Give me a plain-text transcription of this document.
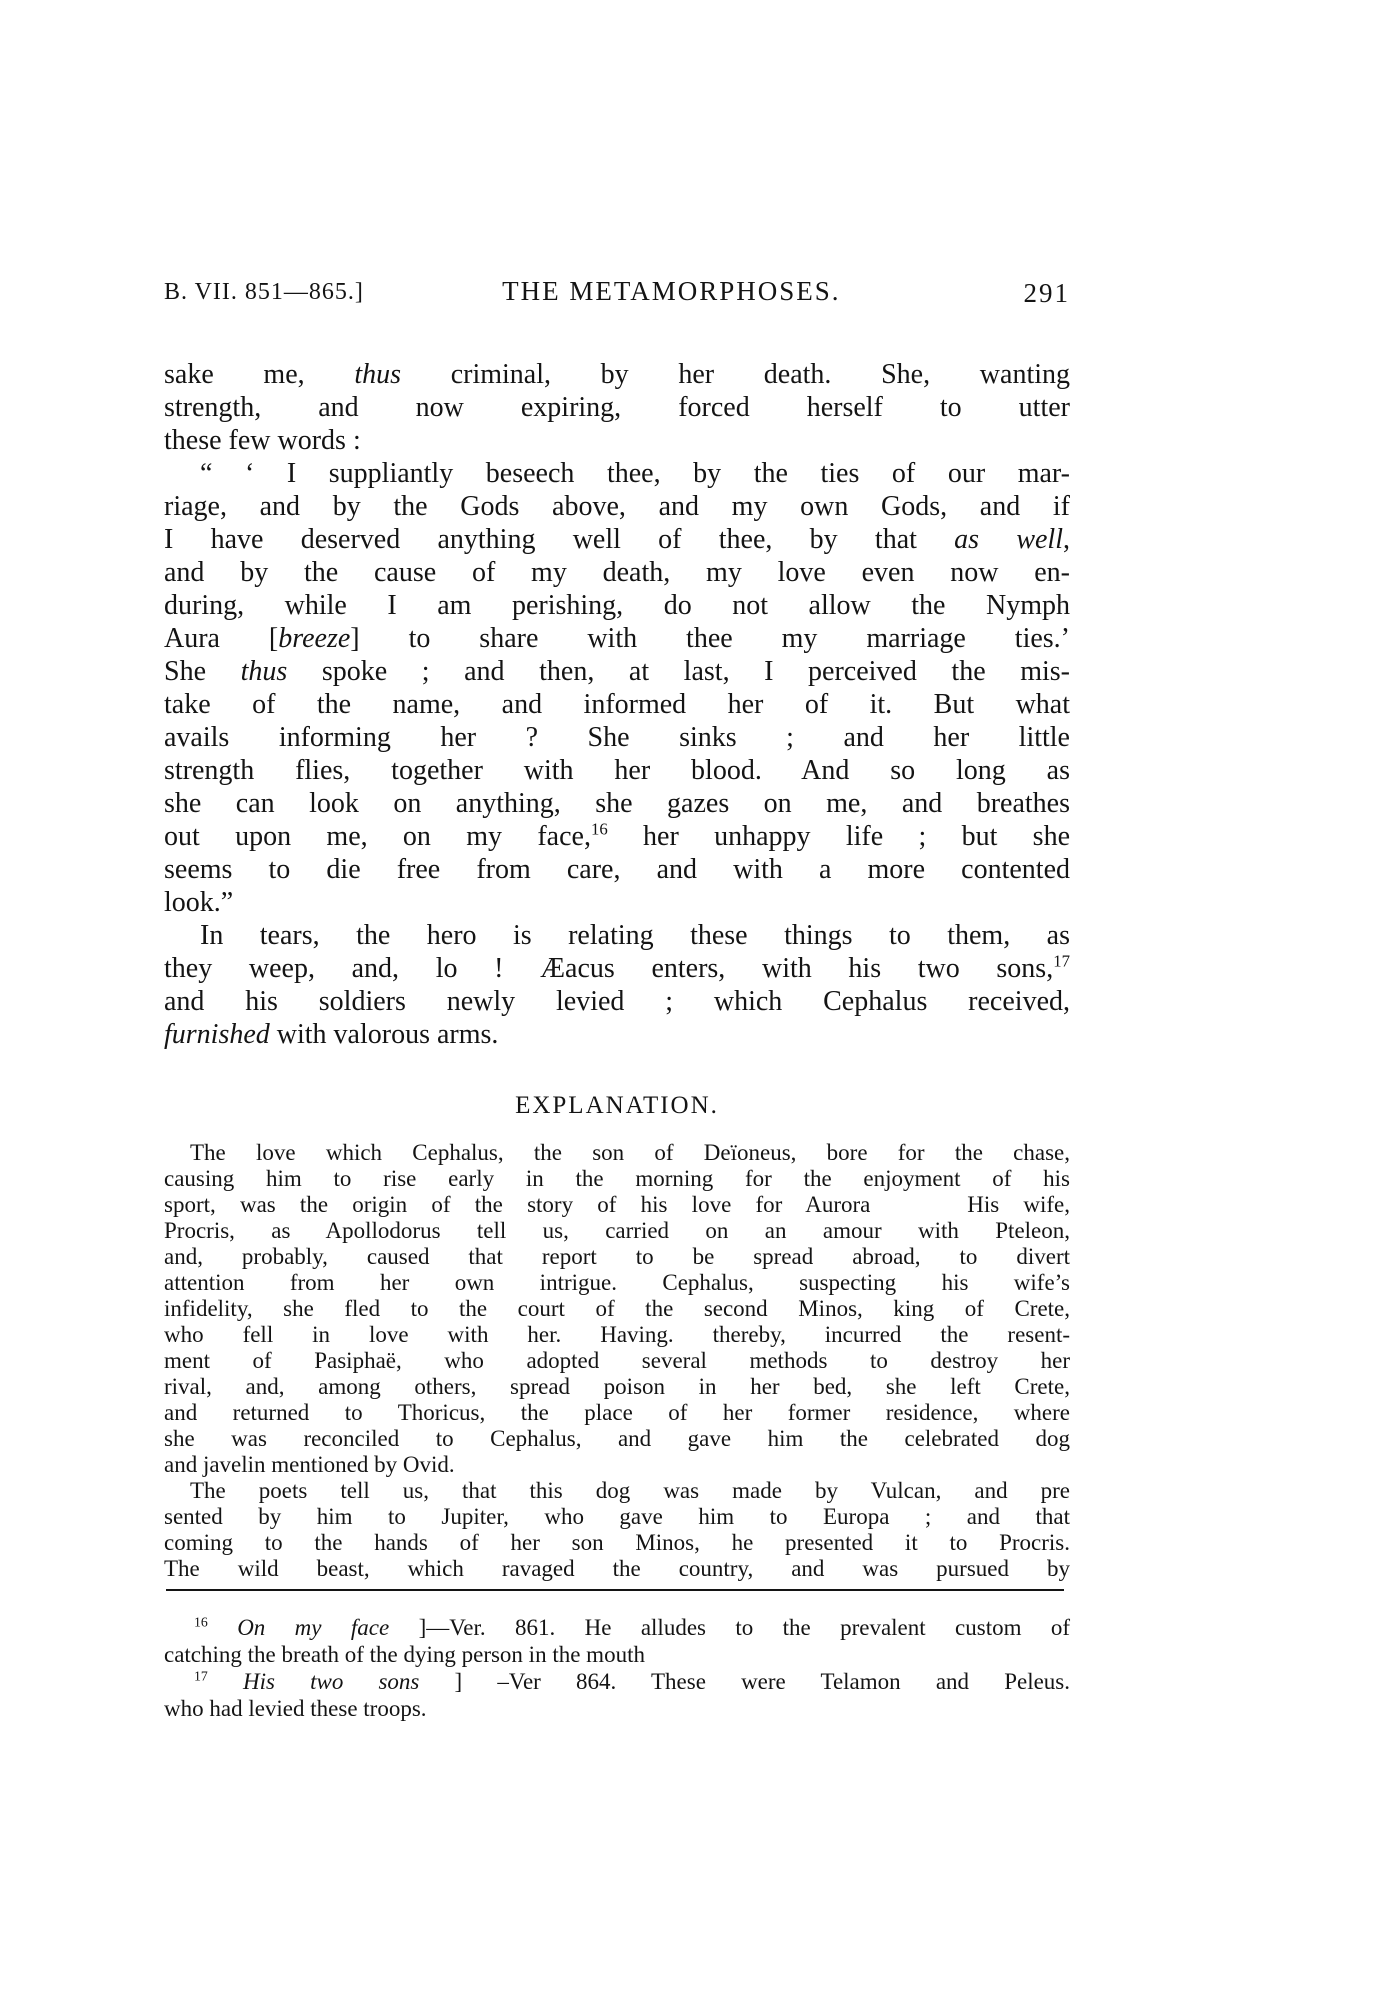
B. VII. 851—865.]	THE METAMORPHOSES.	291
sake me, thus criminal, by her death. She, wanting
strength, and now expiring, forced herself to utter
these few words :
“ ‘ I suppliantly beseech thee, by the ties of our mar-
riage, and by the Gods above, and my own Gods, and if
I have deserved anything well of thee, by that as well,
and by the cause of my death, my love even now en-
during, while I am perishing, do not allow the Nymph
Aura [breeze] to share with thee my marriage ties.’
She thus spoke ; and then, at last, I perceived the mis-
take of the name, and informed her of it. But what
avails informing her ? She sinks ; and her little
strength flies, together with her blood. And so long as
she can look on anything, she gazes on me, and breathes
out upon me, on my face,$^{16}$ her unhappy life ; but she
seems to die free from care, and with a more contented
look.”
In tears, the hero is relating these things to them, as
they weep, and, lo ! Æacus enters, with his two sons,$^{17}$
and his soldiers newly levied ; which Cephalus received,
furnished with valorous arms.
EXPLANATION.
The love which Cephalus, the son of Deïoneus, bore for the chase,
causing him to rise early in the morning for the enjoyment of his
sport, was the origin of the story of his love for Aurora    His wife,
Procris, as Apollodorus tell us, carried on an amour with Pteleon,
and, probably, caused that report to be spread abroad, to divert
attention from her own intrigue. Cephalus, suspecting his wife’s
infidelity, she fled to the court of the second Minos, king of Crete,
who fell in love with her. Having. thereby, incurred the resent-
ment of Pasiphaë, who adopted several methods to destroy her
rival, and, among others, spread poison in her bed, she left Crete,
and returned to Thoricus, the place of her former residence, where
she was reconciled to Cephalus, and gave him the celebrated dog
and javelin mentioned by Ovid.
The poets tell us, that this dog was made by Vulcan, and pre
sented by him to Jupiter, who gave him to Europa ; and that
coming to the hands of her son Minos, he presented it to Procris.
The wild beast, which ravaged the country, and was pursued by
$^{16}$ On my face ]—Ver. 861. He alludes to the prevalent custom of
catching the breath of the dying person in the mouth
$^{17}$ His two sons ] –Ver 864. These were Telamon and Peleus.
who had levied these troops.
